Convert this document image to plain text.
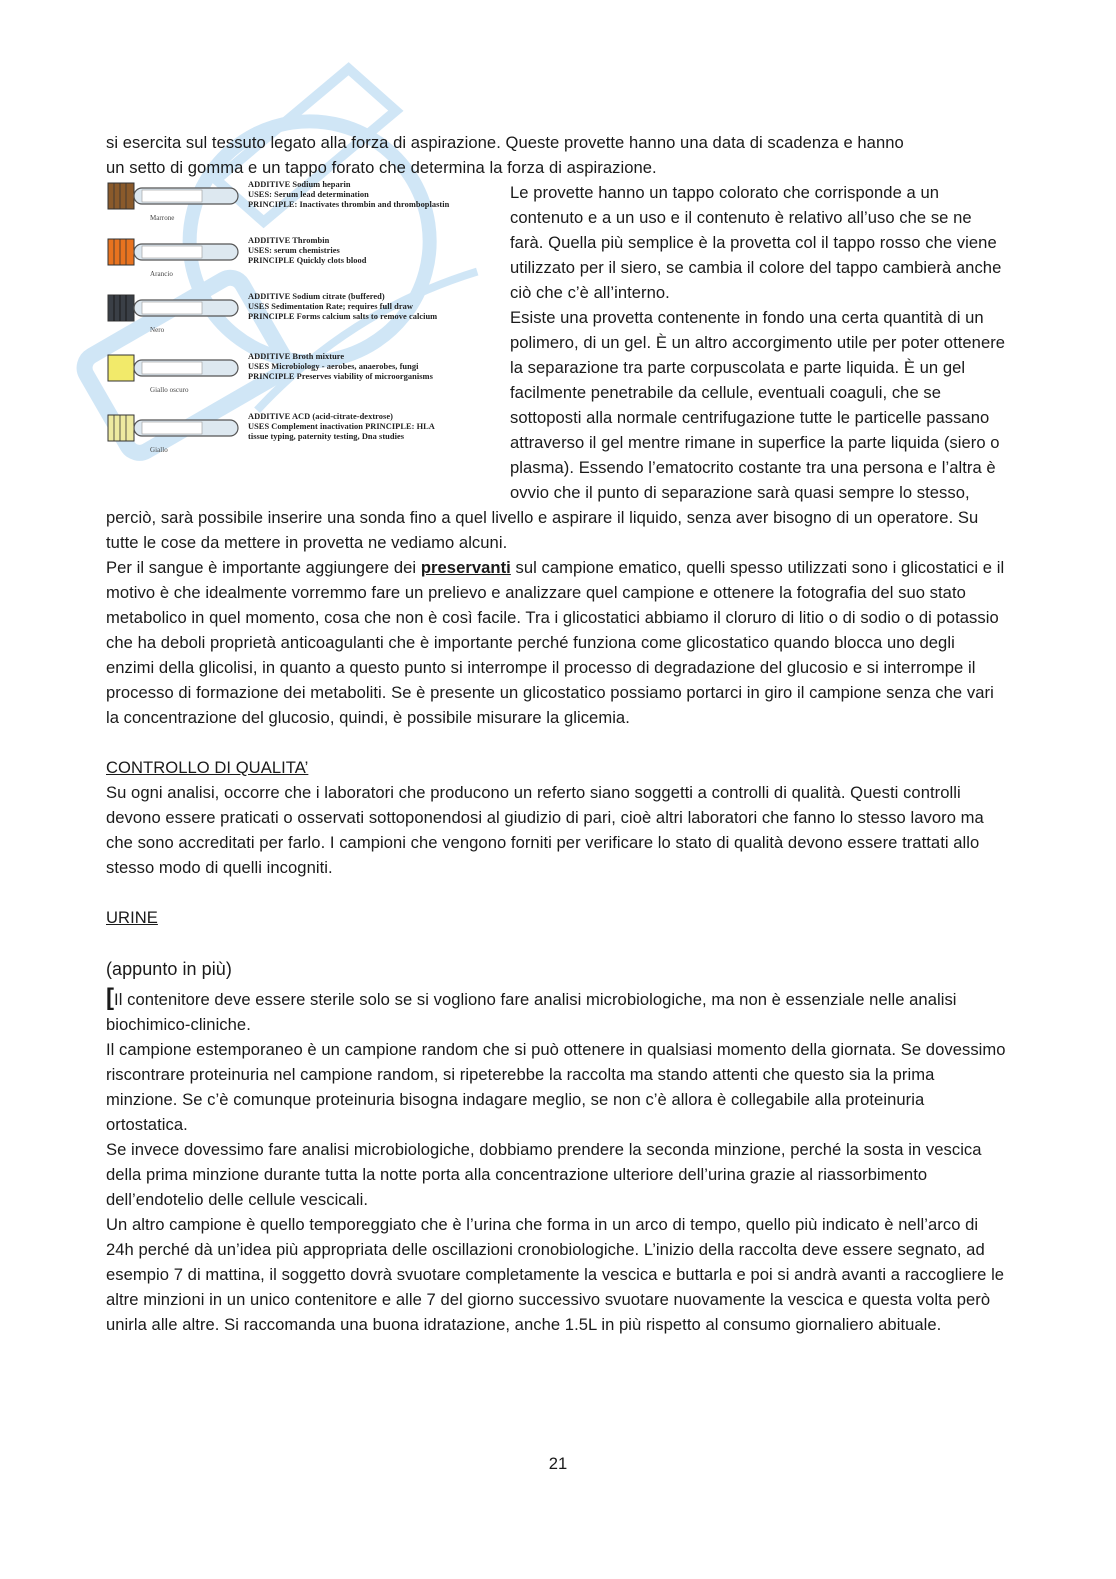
si esercita sul tessuto legato alla forza di aspirazione. Queste provette hanno una data di scadenza e hanno

un setto di gomma e un tappo forato che determina la forza di aspirazione.

Marrone
ADDITIVE Sodium heparin
USES: Serum lead determination
PRINCIPLE: Inactivates thrombin and thromboplastin
Arancio
ADDITIVE Thrombin
USES: serum chemistries
PRINCIPLE Quickly clots blood
Nero
ADDITIVE Sodium citrate (buffered)
USES Sedimentation Rate; requires full draw
PRINCIPLE Forms calcium salts to remove calcium
Giallo oscuro
ADDITIVE Broth mixture
USES Microbiology - aerobes, anaerobes, fungi
PRINCIPLE Preserves viability of microorganisms
Giallo
ADDITIVE ACD (acid-citrate-dextrose)
USES Complement inactivation PRINCIPLE: HLA
tissue typing, paternity testing, Dna studies

Le provette hanno un tappo colorato che corrisponde a un contenuto e a un uso e il contenuto è relativo all’uso che se ne farà. Quella più semplice è la provetta col il tappo rosso che viene utilizzato per il siero, se cambia il colore del tappo cambierà anche ciò che c’è all’interno.

Esiste una provetta contenente in fondo una certa quantità di un polimero, di un gel. È un altro accorgimento utile per poter ottenere la separazione tra parte corpuscolata e parte liquida. È un gel facilmente penetrabile da cellule, eventuali coaguli, che se sottoposti alla normale centrifugazione tutte le particelle passano attraverso il gel mentre rimane in superfice la parte liquida (siero o plasma). Essendo l’ematocrito costante tra una persona e l’altra è ovvio che il punto di separazione sarà quasi sempre lo stesso, perciò, sarà possibile inserire una sonda fino a quel livello e aspirare il liquido, senza aver bisogno di un operatore. Su tutte le cose da mettere in provetta ne vediamo alcuni.

Per il sangue è importante aggiungere dei preservanti sul campione ematico, quelli spesso utilizzati sono i glicostatici e il motivo è che idealmente vorremmo fare un prelievo e analizzare quel campione e ottenere la fotografia del suo stato metabolico in quel momento, cosa che non è così facile. Tra i glicostatici abbiamo il cloruro di litio o di sodio o di potassio che ha deboli proprietà anticoagulanti che è importante perché funziona come glicostatico quando blocca uno degli enzimi della glicolisi, in quanto a questo punto si interrompe il processo di degradazione del glucosio e si interrompe il processo di formazione dei metaboliti. Se è presente un glicostatico possiamo portarci in giro il campione senza che vari la concentrazione del glucosio, quindi, è possibile misurare la glicemia.

CONTROLLO DI QUALITA’

Su ogni analisi, occorre che i laboratori che producono un referto siano soggetti a controlli di qualità. Questi controlli devono essere praticati o osservati sottoponendosi al giudizio di pari, cioè altri laboratori che fanno lo stesso lavoro ma che sono accreditati per farlo. I campioni che vengono forniti per verificare lo stato di qualità devono essere trattati allo stesso modo di quelli incogniti.

URINE

(appunto in più)

[Il contenitore deve essere sterile solo se si vogliono fare analisi microbiologiche, ma non è essenziale nelle analisi biochimico-cliniche.

Il campione estemporaneo è un campione random che si può ottenere in qualsiasi momento della giornata. Se dovessimo riscontrare proteinuria nel campione random, si ripeterebbe la raccolta ma stando attenti che questo sia la prima minzione. Se c’è comunque proteinuria bisogna indagare meglio, se non c’è allora è collegabile alla proteinuria ortostatica.

Se invece dovessimo fare analisi microbiologiche, dobbiamo prendere la seconda minzione, perché la sosta in vescica della prima minzione durante tutta la notte porta alla concentrazione ulteriore dell’urina grazie al riassorbimento dell’endotelio delle cellule vescicali.

Un altro campione è quello temporeggiato che è l’urina che forma in un arco di tempo, quello più indicato è nell’arco di 24h perché dà un’idea più appropriata delle oscillazioni cronobiologiche. L’inizio della raccolta deve essere segnato, ad esempio 7 di mattina, il soggetto dovrà svuotare completamente la vescica e buttarla e poi si andrà avanti a raccogliere le altre minzioni in un unico contenitore e alle 7 del giorno successivo svuotare nuovamente la vescica e questa volta però unirla alle altre. Si raccomanda una buona idratazione, anche 1.5L in più rispetto al consumo giornaliero abituale.

21
